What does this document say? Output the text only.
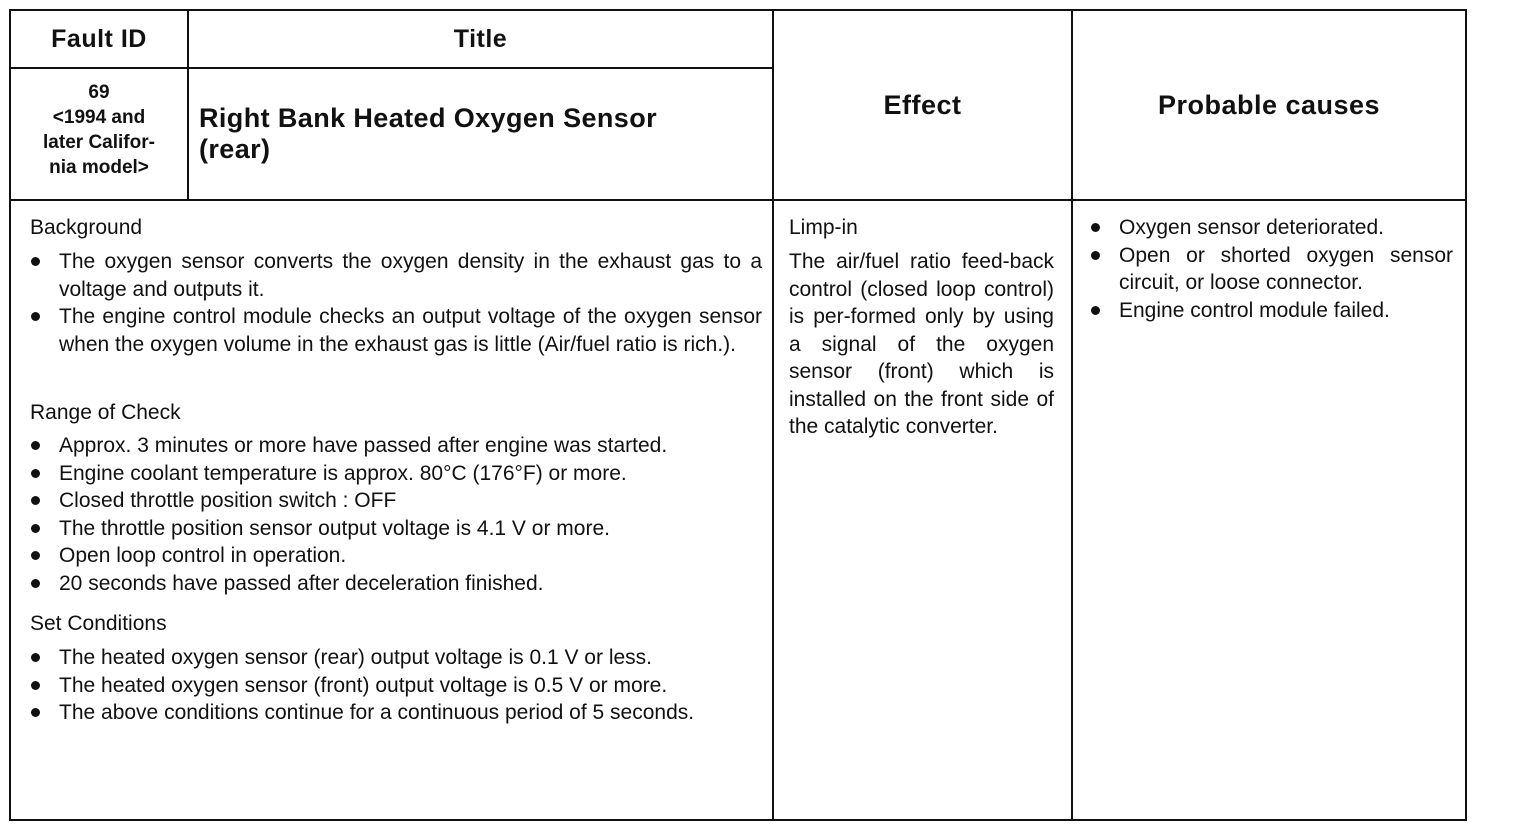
Fault ID	Title
Effect	Probable causes
69
<1994 and
later Califor-
nia model>
Right Bank Heated Oxygen Sensor
(rear)
Background
The oxygen sensor converts the oxygen density in the exhaust gas to a voltage and outputs it.
The engine control module checks an output voltage of the oxygen sensor when the oxygen volume in the exhaust gas is little (Air/fuel ratio is rich.).
Range of Check
Approx. 3 minutes or more have passed after engine was started.
Engine coolant temperature is approx. 80°C (176°F) or more.
Closed throttle position switch : OFF
The throttle position sensor output voltage is 4.1 V or more.
Open loop control in operation.
20 seconds have passed after deceleration finished.
Set Conditions
The heated oxygen sensor (rear) output voltage is 0.1 V or less.
The heated oxygen sensor (front) output voltage is 0.5 V or more.
The above conditions continue for a continuous period of 5 seconds.
Limp-in
The air/fuel ratio feed-back control (closed loop control) is per-formed only by using a signal of the oxygen sensor (front) which is installed on the front side of the catalytic converter.
Oxygen sensor deteriorated.
Open or shorted oxygen sensor circuit, or loose connector.
Engine control module failed.
